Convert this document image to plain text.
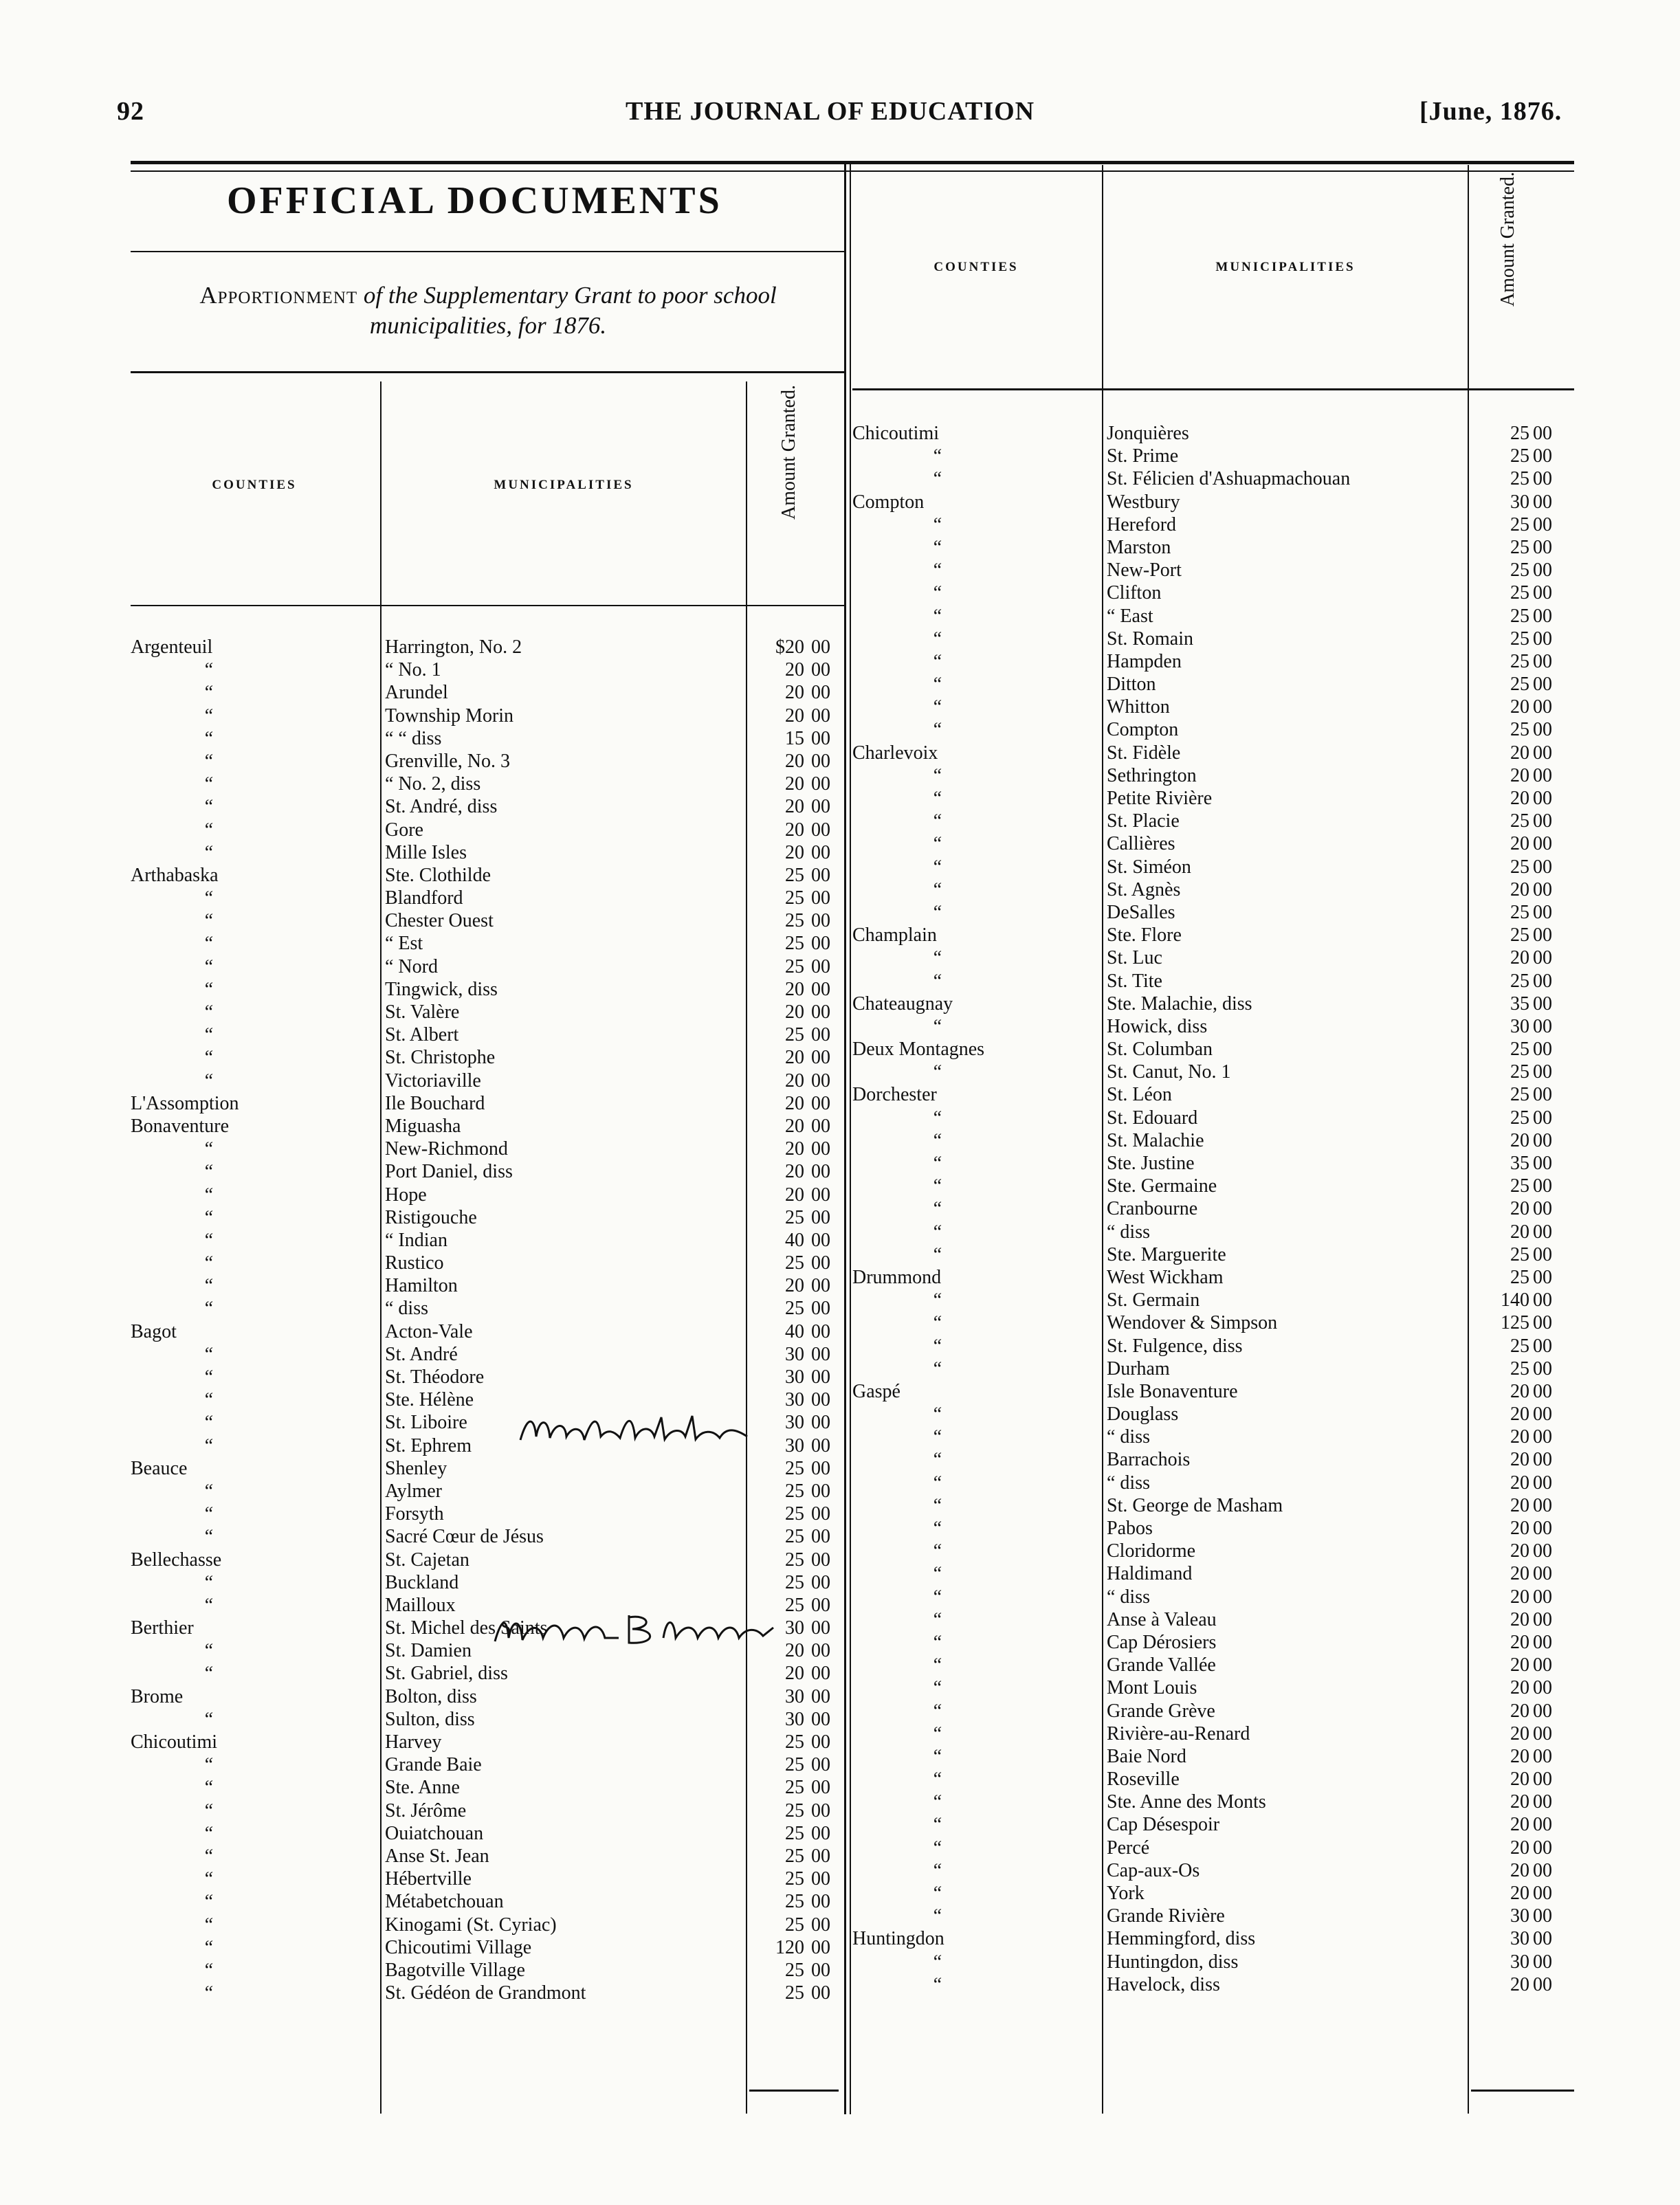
92	THE JOURNAL OF EDUCATION	[June, 1876.
OFFICIAL DOCUMENTS
Apportionment of the Supplementary Grant to poor school municipalities, for 1876.
COUNTIES	MUNICIPALITIES	Amount Granted.
COUNTIES	MUNICIPALITIES	Amount Granted.
Argenteuil	Harrington, No. 2	$20 00
“	“ No. 1	20 00
“	Arundel	20 00
“	Township Morin	20 00
“	“ “ diss	15 00
“	Grenville, No. 3	20 00
“	“ No. 2, diss	20 00
“	St. André, diss	20 00
“	Gore	20 00
“	Mille Isles	20 00
Arthabaska	Ste. Clothilde	25 00
“	Blandford	25 00
“	Chester Ouest	25 00
“	“ Est	25 00
“	“ Nord	25 00
“	Tingwick, diss	20 00
“	St. Valère	20 00
“	St. Albert	25 00
“	St. Christophe	20 00
“	Victoriaville	20 00
L'Assomption	Ile Bouchard	20 00
Bonaventure	Miguasha	20 00
“	New-Richmond	20 00
“	Port Daniel, diss	20 00
“	Hope	20 00
“	Ristigouche	25 00
“	“ Indian	40 00
“	Rustico	25 00
“	Hamilton	20 00
“	“ diss	25 00
Bagot	Acton-Vale	40 00
“	St. André	30 00
“	St. Théodore	30 00
“	Ste. Hélène	30 00
“	St. Liboire	30 00
“	St. Ephrem	30 00
Beauce	Shenley	25 00
“	Aylmer	25 00
“	Forsyth	25 00
“	Sacré Cœur de Jésus	25 00
Bellechasse	St. Cajetan	25 00
“	Buckland	25 00
“	Mailloux	25 00
Berthier	St. Michel des Saints	30 00
“	St. Damien	20 00
“	St. Gabriel, diss	20 00
Brome	Bolton, diss	30 00
“	Sulton, diss	30 00
Chicoutimi	Harvey	25 00
“	Grande Baie	25 00
“	Ste. Anne	25 00
“	St. Jérôme	25 00
“	Ouiatchouan	25 00
“	Anse St. Jean	25 00
“	Hébertville	25 00
“	Métabetchouan	25 00
“	Kinogami (St. Cyriac)	25 00
“	Chicoutimi Village	120 00
“	Bagotville Village	25 00
“	St. Gédéon de Grandmont	25 00
Chicoutimi	Jonquières	25 00
“	St. Prime	25 00
“	St. Félicien d'Ashuapmachouan	25 00
Compton	Westbury	30 00
“	Hereford	25 00
“	Marston	25 00
“	New-Port	25 00
“	Clifton	25 00
“	“ East	25 00
“	St. Romain	25 00
“	Hampden	25 00
“	Ditton	25 00
“	Whitton	20 00
“	Compton	25 00
Charlevoix	St. Fidèle	20 00
“	Sethrington	20 00
“	Petite Rivière	20 00
“	St. Placie	25 00
“	Callières	20 00
“	St. Siméon	25 00
“	St. Agnès	20 00
“	DeSalles	25 00
Champlain	Ste. Flore	25 00
“	St. Luc	20 00
“	St. Tite	25 00
Chateaugnay	Ste. Malachie, diss	35 00
“	Howick, diss	30 00
Deux Montagnes	St. Columban	25 00
“	St. Canut, No. 1	25 00
Dorchester	St. Léon	25 00
“	St. Edouard	25 00
“	St. Malachie	20 00
“	Ste. Justine	35 00
“	Ste. Germaine	25 00
“	Cranbourne	20 00
“	“ diss	20 00
“	Ste. Marguerite	25 00
Drummond	West Wickham	25 00
“	St. Germain	140 00
“	Wendover & Simpson	125 00
“	St. Fulgence, diss	25 00
“	Durham	25 00
Gaspé	Isle Bonaventure	20 00
“	Douglass	20 00
“	“ diss	20 00
“	Barrachois	20 00
“	“ diss	20 00
“	St. George de Masham	20 00
“	Pabos	20 00
“	Cloridorme	20 00
“	Haldimand	20 00
“	“ diss	20 00
“	Anse à Valeau	20 00
“	Cap Dérosiers	20 00
“	Grande Vallée	20 00
“	Mont Louis	20 00
“	Grande Grève	20 00
“	Rivière-au-Renard	20 00
“	Baie Nord	20 00
“	Roseville	20 00
“	Ste. Anne des Monts	20 00
“	Cap Désespoir	20 00
“	Percé	20 00
“	Cap-aux-Os	20 00
“	York	20 00
“	Grande Rivière	30 00
Huntingdon	Hemmingford, diss	30 00
“	Huntingdon, diss	30 00
“	Havelock, diss	20 00
